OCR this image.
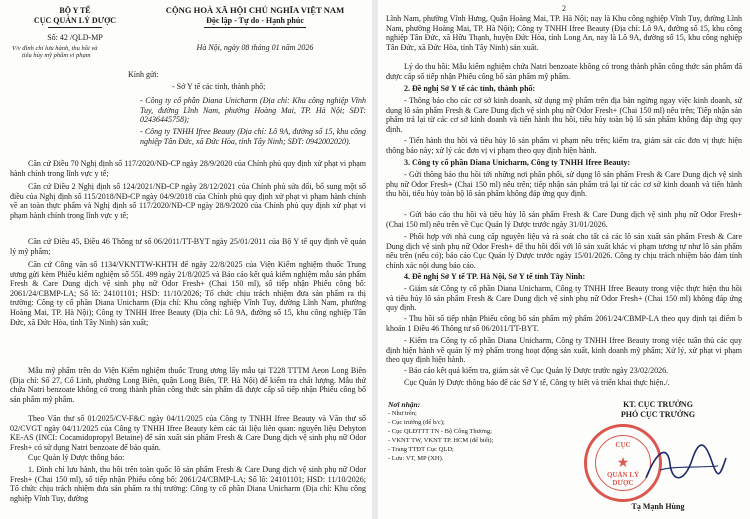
BỘ Y TẾ
CỤC QUẢN LÝ DƯỢC
CỘNG HOÀ XÃ HỘI CHỦ NGHĨA VIỆT NAM
Độc lập - Tự do - Hạnh phúc
Số: 42 /QLD-MP
V/v đình chỉ lưu hành, thu hồi và
tiêu hủy mỹ phẩm vi phạm
Hà Nội, ngày 08 tháng 01 năm 2026
Kính gửi:
- Sở Y tế các tỉnh, thành phố;
- Công ty cổ phần Diana Unicharm (Địa chỉ: Khu công nghiệp Vĩnh Tuy, đường Lĩnh Nam, phường Hoàng Mai, TP. Hà Nội; SĐT: 02436445758);
- Công ty TNHH Ifree Beauty (Địa chỉ: Lô 9A, đường số 15, khu công nghiệp Tân Đức, xã Đức Hòa, tỉnh Tây Ninh; SĐT: 0942002020).
Căn cứ Điều 70 Nghị định số 117/2020/NĐ-CP ngày 28/9/2020 của Chính phủ quy định xử phạt vi phạm hành chính trong lĩnh vực y tế;
Căn cứ Điều 2 Nghị định số 124/2021/NĐ-CP ngày 28/12/2021 của Chính phủ sửa đổi, bổ sung một số điều của Nghị định số 115/2018/NĐ-CP ngày 04/9/2018 của Chính phủ quy định xử phạt vi phạm hành chính về an toàn thực phẩm và Nghị định số 117/2020/NĐ-CP ngày 28/9/2020 của Chính phủ quy định xử phạt vi phạm hành chính trong lĩnh vực y tế;
Căn cứ Điều 45, Điều 46 Thông tư số 06/2011/TT-BYT ngày 25/01/2011 của Bộ Y tế quy định về quản lý mỹ phẩm;
Căn cứ Công văn số 1134/VKNTTW-KHTH để ngày 22/8/2025 của Viện Kiểm nghiệm thuốc Trung ương gửi kèm Phiếu kiểm nghiệm số 55L 499 ngày 21/8/2025 và Báo cáo kết quả kiểm nghiệm mẫu sản phẩm Fresh & Care Dung dịch vệ sinh phụ nữ Odor Fresh+ (Chai 150 ml), số tiếp nhận Phiếu công bố: 2061/24/CBMP-LA; Số lô: 24101101; HSD: 11/10/2026; Tổ chức chịu trách nhiệm đưa sản phẩm ra thị trường: Công ty cổ phần Diana Unicharm (Địa chỉ: Khu công nghiệp Vĩnh Tuy, đường Lĩnh Nam, phường Hoàng Mai, TP. Hà Nội); Công ty TNHH Ifree Beauty (Địa chỉ: Lô 9A, đường số 15, khu công nghiệp Tân Đức, xã Đức Hòa, tỉnh Tây Ninh) sản xuất;
Mẫu mỹ phẩm trên do Viện Kiểm nghiệm thuốc Trung ương lấy mẫu tại T228 TTTM Aeon Long Biên (Địa chỉ: Số 27, Cổ Linh, phường Long Biên, quận Long Biên, TP. Hà Nội) để kiểm tra chất lượng. Mẫu thử chứa Natri benzoate không có trong thành phần công thức sản phẩm đã được cấp số tiếp nhận Phiếu công bố sản phẩm mỹ phẩm.
Theo Văn thư số 01/2025/CV-F&C ngày 04/11/2025 của Công ty TNHH Ifree Beauty và Văn thư số 02/CVGT ngày 04/11/2025 của Công ty TNHH Ifree Beauty kèm các tài liệu liên quan: nguyên liệu Dehyton KE-AS (INCI: Cocamidopropyl Betaine) để sản xuất sản phẩm Fresh & Care Dung dịch vệ sinh phụ nữ Odor Fresh+ có sử dụng Natri benzoate để bảo quản.
Cục Quản lý Dược thông báo:
1. Đình chỉ lưu hành, thu hồi trên toàn quốc lô sản phẩm Fresh & Care Dung dịch vệ sinh phụ nữ Odor Fresh+ (Chai 150 ml), số tiếp nhận Phiếu công bố: 2061/24/CBMP-LA; Số lô: 24101101; HSD: 11/10/2026; Tổ chức chịu trách nhiệm đưa sản phẩm ra thị trường: Công ty cổ phần Diana Unicharm (Địa chỉ: Khu công nghiệp Vĩnh Tuy, đường
2
Lĩnh Nam, phường Vĩnh Hưng, Quận Hoàng Mai, TP. Hà Nội; nay là Khu công nghiệp Vĩnh Tuy, đường Lĩnh Nam, phường Hoàng Mai, TP. Hà Nội); Công ty TNHH Ifree Beauty (Địa chỉ: Lô 9A, đường số 15, khu công nghiệp Tân Đức, xã Hữu Thạnh, huyện Đức Hòa, tỉnh Long An, nay là Lô 9A, đường số 15, khu công nghiệp Tân Đức, xã Đức Hòa, tỉnh Tây Ninh) sản xuất.
Lý do thu hồi: Mẫu kiểm nghiệm chứa Natri benzoate không có trong thành phần công thức sản phẩm đã được cấp số tiếp nhận Phiếu công bố sản phẩm mỹ phẩm.
2. Đề nghị Sở Y tế các tỉnh, thành phố:
- Thông báo cho các cơ sở kinh doanh, sử dụng mỹ phẩm trên địa bàn ngừng ngay việc kinh doanh, sử dụng lô sản phẩm Fresh & Care Dung dịch vệ sinh phụ nữ Odor Fresh+ (Chai 150 ml) nêu trên; Tiếp nhận sản phẩm trả lại từ các cơ sở kinh doanh và tiến hành thu hồi, tiêu hủy toàn bộ lô sản phẩm không đáp ứng quy định.
- Tiến hành thu hồi và tiêu hủy lô sản phẩm vi phạm nêu trên; kiểm tra, giám sát các đơn vị thực hiện thông báo này; xử lý các đơn vị vi phạm theo quy định hiện hành.
3. Công ty cổ phần Diana Unicharm, Công ty TNHH Ifree Beauty:
- Gửi thông báo thu hồi tới những nơi phân phối, sử dụng lô sản phẩm Fresh & Care Dung dịch vệ sinh phụ nữ Odor Fresh+ (Chai 150 ml) nêu trên; tiếp nhận sản phẩm trả lại từ các cơ sở kinh doanh và tiến hành thu hồi, tiêu hủy toàn bộ lô sản phẩm không đáp ứng quy định.
- Gửi báo cáo thu hồi và tiêu hủy lô sản phẩm Fresh & Care Dung dịch vệ sinh phụ nữ Odor Fresh+ (Chai 150 ml) nêu trên về Cục Quản lý Dược trước ngày 31/01/2026.
- Phối hợp với nhà cung cấp nguyên liệu và rà soát cho tất cả các lô sản xuất sản phẩm Fresh & Care Dung dịch vệ sinh phụ nữ Odor Fresh+ để thu hồi đối với lô sản xuất khác vi phạm tương tự như lô sản phẩm nêu trên (nếu có); báo cáo Cục Quản lý Dược trước ngày 15/01/2026. Công ty chịu trách nhiệm bảo đảm tính chính xác nội dung báo cáo.
4. Đề nghị Sở Y tế TP. Hà Nội, Sở Y tế tỉnh Tây Ninh:
- Giám sát Công ty cổ phần Diana Unicharm, Công ty TNHH Ifree Beauty trong việc thực hiện thu hồi và tiêu hủy lô sản phẩm Fresh & Care Dung dịch vệ sinh phụ nữ Odor Fresh+ (Chai 150 ml) không đáp ứng quy định.
- Thu hồi số tiếp nhận Phiếu công bố sản phẩm mỹ phẩm 2061/24/CBMP-LA theo quy định tại điểm b khoản 1 Điều 46 Thông tư số 06/2011/TT-BYT.
- Kiểm tra Công ty cổ phần Diana Unicharm, Công ty TNHH Ifree Beauty trong việc tuân thủ các quy định hiện hành về quản lý mỹ phẩm trong hoạt động sản xuất, kinh doanh mỹ phẩm; Xử lý, xử phạt vi phạm theo quy định hiện hành.
- Báo cáo kết quả kiểm tra, giám sát về Cục Quản lý Dược trước ngày 23/02/2026.
Cục Quản lý Dược thông báo để các Sở Y tế, Công ty biết và triển khai thực hiện./.
Nơi nhận:
- Như trên;
- Cục trưởng (để b/c);
- Cục QLĐTTT TN - Bộ Công Thương;
- VKNT TW, VKNT TP. HCM (để biết);
- Trang TTĐT Cục QLD;
- Lưu: VT, MP (XH).
KT. CỤC TRƯỞNG
PHÓ CỤC TRƯỞNG
★
CỤC
QUẢN LÝ
DƯỢC
Tạ Mạnh Hùng
